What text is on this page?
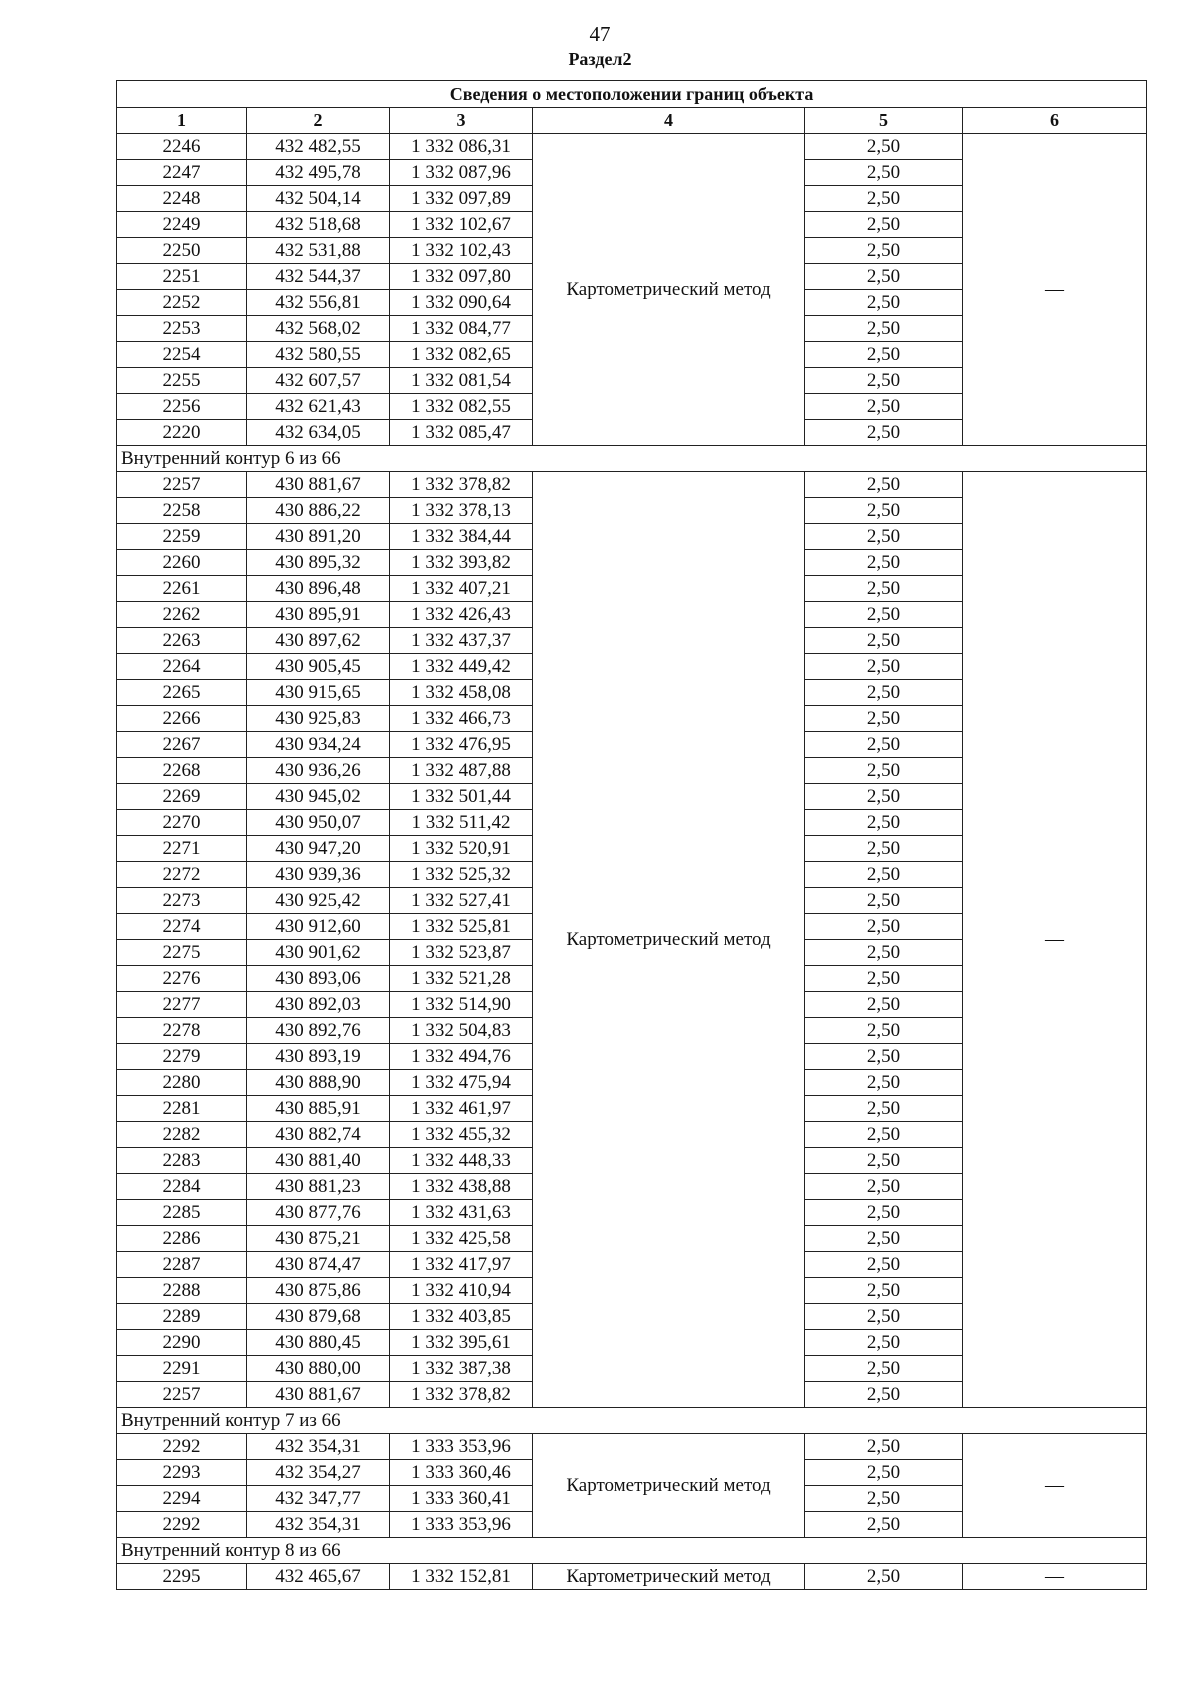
47
Раздел2
Сведения о местоположении границ объекта					
1	2	3	4	5	6
2246	432 482,55	1 332 086,31	Картометрический метод	2,50	—
2247	432 495,78	1 332 087,96		2,50	
2248	432 504,14	1 332 097,89		2,50	
2249	432 518,68	1 332 102,67		2,50	
2250	432 531,88	1 332 102,43		2,50	
2251	432 544,37	1 332 097,80		2,50	
2252	432 556,81	1 332 090,64		2,50	
2253	432 568,02	1 332 084,77		2,50	
2254	432 580,55	1 332 082,65		2,50	
2255	432 607,57	1 332 081,54		2,50	
2256	432 621,43	1 332 082,55		2,50	
2220	432 634,05	1 332 085,47		2,50	
Внутренний контур 6 из 66					
2257	430 881,67	1 332 378,82	Картометрический метод	2,50	—
2258	430 886,22	1 332 378,13		2,50	
2259	430 891,20	1 332 384,44		2,50	
2260	430 895,32	1 332 393,82		2,50	
2261	430 896,48	1 332 407,21		2,50	
2262	430 895,91	1 332 426,43		2,50	
2263	430 897,62	1 332 437,37		2,50	
2264	430 905,45	1 332 449,42		2,50	
2265	430 915,65	1 332 458,08		2,50	
2266	430 925,83	1 332 466,73		2,50	
2267	430 934,24	1 332 476,95		2,50	
2268	430 936,26	1 332 487,88		2,50	
2269	430 945,02	1 332 501,44		2,50	
2270	430 950,07	1 332 511,42		2,50	
2271	430 947,20	1 332 520,91		2,50	
2272	430 939,36	1 332 525,32		2,50	
2273	430 925,42	1 332 527,41		2,50	
2274	430 912,60	1 332 525,81		2,50	
2275	430 901,62	1 332 523,87		2,50	
2276	430 893,06	1 332 521,28		2,50	
2277	430 892,03	1 332 514,90		2,50	
2278	430 892,76	1 332 504,83		2,50	
2279	430 893,19	1 332 494,76		2,50	
2280	430 888,90	1 332 475,94		2,50	
2281	430 885,91	1 332 461,97		2,50	
2282	430 882,74	1 332 455,32		2,50	
2283	430 881,40	1 332 448,33		2,50	
2284	430 881,23	1 332 438,88		2,50	
2285	430 877,76	1 332 431,63		2,50	
2286	430 875,21	1 332 425,58		2,50	
2287	430 874,47	1 332 417,97		2,50	
2288	430 875,86	1 332 410,94		2,50	
2289	430 879,68	1 332 403,85		2,50	
2290	430 880,45	1 332 395,61		2,50	
2291	430 880,00	1 332 387,38		2,50	
2257	430 881,67	1 332 378,82		2,50	
Внутренний контур 7 из 66					
2292	432 354,31	1 333 353,96	Картометрический метод	2,50	—
2293	432 354,27	1 333 360,46		2,50	
2294	432 347,77	1 333 360,41		2,50	
2292	432 354,31	1 333 353,96		2,50	
Внутренний контур 8 из 66					
2295	432 465,67	1 332 152,81	Картометрический метод	2,50	—
